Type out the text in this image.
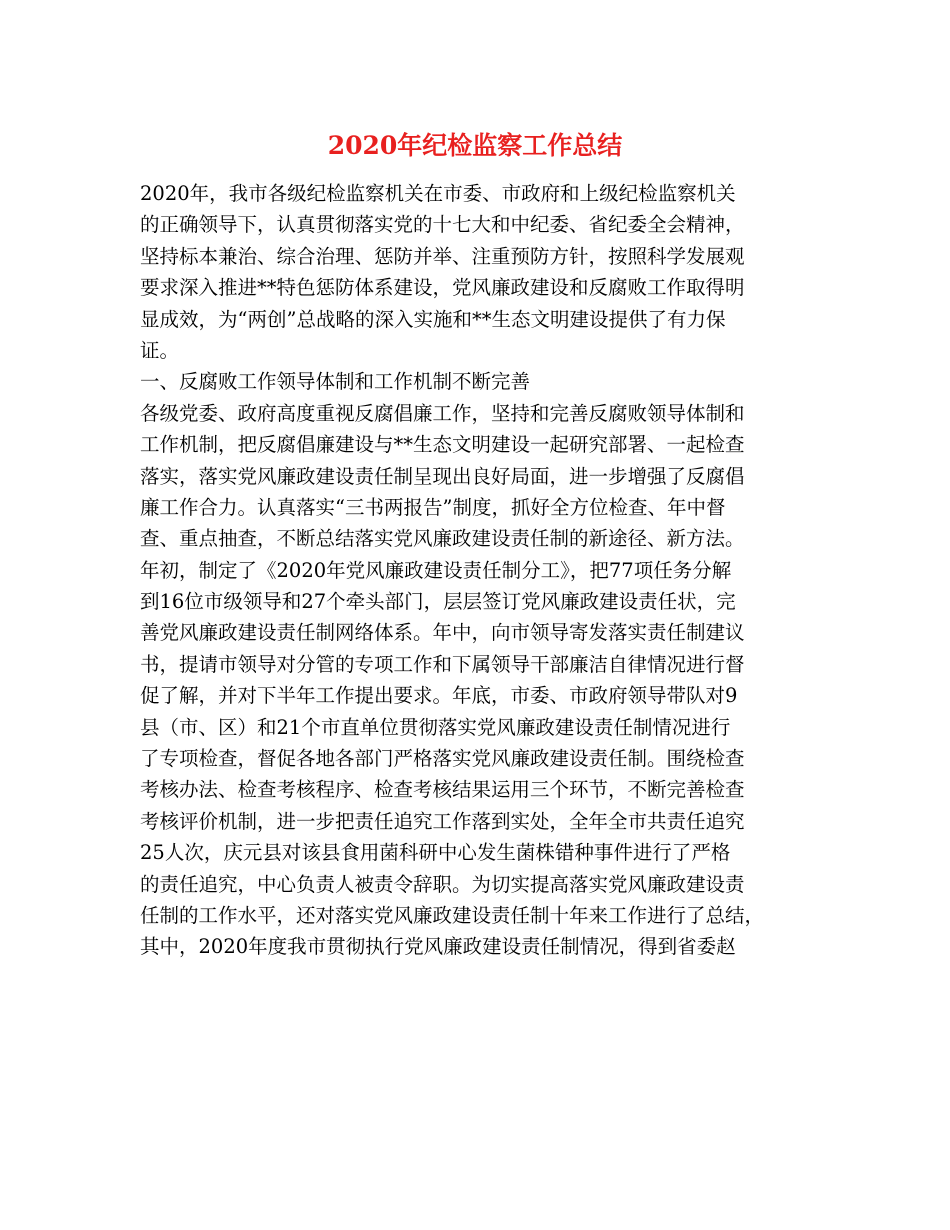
2020年纪检监察工作总结
2020年，我市各级纪检监察机关在市委、市政府和上级纪检监察机关
的正确领导下，认真贯彻落实党的十七大和中纪委、省纪委全会精神，
坚持标本兼治、综合治理、惩防并举、注重预防方针，按照科学发展观
要求深入推进**特色惩防体系建设，党风廉政建设和反腐败工作取得明
显成效，为“两创”总战略的深入实施和**生态文明建设提供了有力保
证。
一、反腐败工作领导体制和工作机制不断完善
各级党委、政府高度重视反腐倡廉工作，坚持和完善反腐败领导体制和
工作机制，把反腐倡廉建设与**生态文明建设一起研究部署、一起检查
落实，落实党风廉政建设责任制呈现出良好局面，进一步增强了反腐倡
廉工作合力。认真落实“三书两报告”制度，抓好全方位检查、年中督
查、重点抽查，不断总结落实党风廉政建设责任制的新途径、新方法。
年初，制定了《2020年党风廉政建设责任制分工》，把77项任务分解
到16位市级领导和27个牵头部门，层层签订党风廉政建设责任状，完
善党风廉政建设责任制网络体系。年中，向市领导寄发落实责任制建议
书，提请市领导对分管的专项工作和下属领导干部廉洁自律情况进行督
促了解，并对下半年工作提出要求。年底，市委、市政府领导带队对9
县（市、区）和21个市直单位贯彻落实党风廉政建设责任制情况进行
了专项检查，督促各地各部门严格落实党风廉政建设责任制。围绕检查
考核办法、检查考核程序、检查考核结果运用三个环节，不断完善检查
考核评价机制，进一步把责任追究工作落到实处，全年全市共责任追究
25人次，庆元县对该县食用菌科研中心发生菌株错种事件进行了严格
的责任追究，中心负责人被责令辞职。为切实提高落实党风廉政建设责
任制的工作水平，还对落实党风廉政建设责任制十年来工作进行了总结，
其中，2020年度我市贯彻执行党风廉政建设责任制情况，得到省委赵
